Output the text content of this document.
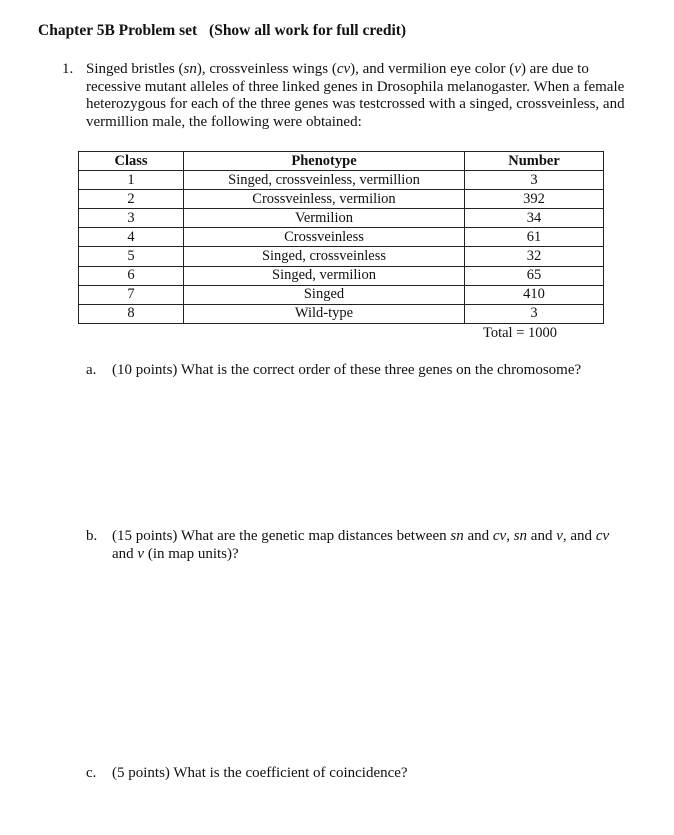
Chapter 5B Problem set (Show all work for full credit)
1. Singed bristles (sn), crossveinless wings (cv), and vermilion eye color (v) are due to recessive mutant alleles of three linked genes in Drosophila melanogaster. When a female heterozygous for each of the three genes was testcrossed with a singed, crossveinless, and vermillion male, the following were obtained:
Class	Phenotype	Number
1	Singed, crossveinless, vermillion	3
2	Crossveinless, vermilion	392
3	Vermilion	34
4	Crossveinless	61
5	Singed, crossveinless	32
6	Singed, vermilion	65
7	Singed	410
8	Wild-type	3
Total = 1000
a. (10 points) What is the correct order of these three genes on the chromosome?
b. (15 points) What are the genetic map distances between sn and cv, sn and v, and cv
and v (in map units)?
c. (5 points) What is the coefficient of coincidence?
